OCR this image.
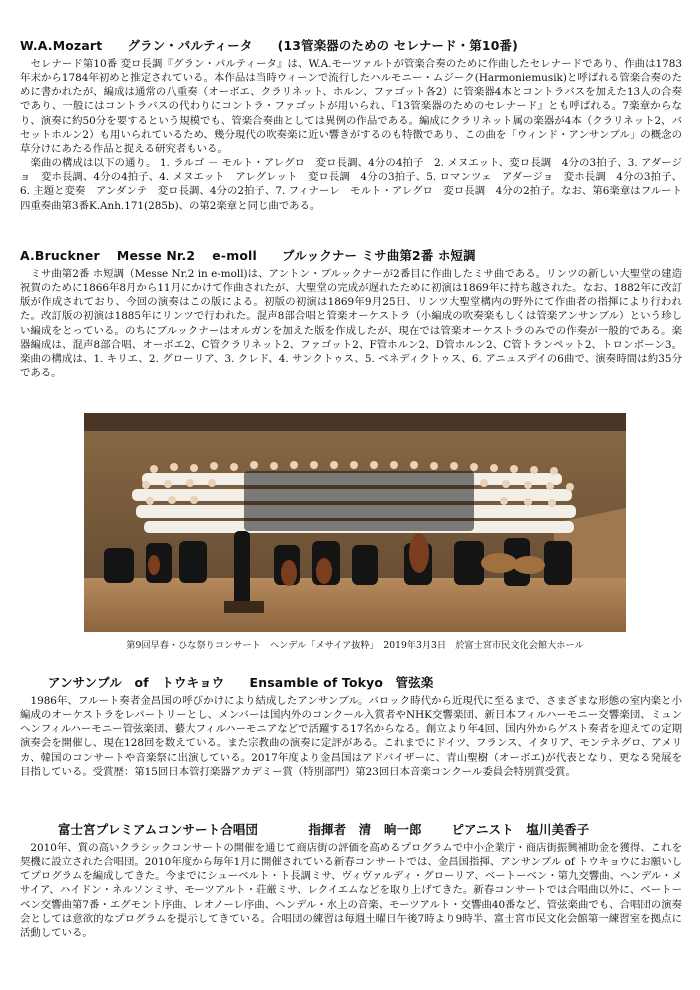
W.A.Mozart　　グラン・パルティータ　　(13管楽器のための セレナード・第10番)

　セレナード第10番 変ロ長調『グラン・パルティータ』は、W.A.モーツァルトが管楽合奏のために作曲したセレナードであり、作曲は1783年末から1784年初めと推定されている。本作品は当時ウィーンで流行したハルモニー・ムジーク(Harmoniemusik)と呼ばれる管楽合奏のために書かれたが、編成は通常の八重奏（オーボエ、クラリネット、ホルン、ファゴット各2）に管楽器4本とコントラバスを加えた13人の合奏であり、一般にはコントラバスの代わりにコントラ・ファゴットが用いられ、『13管楽器のためのセレナード』とも呼ばれる。7楽章からなり、演奏に約50分を要するという規模でも、管楽合奏曲としては異例の作品である。編成にクラリネット属の楽器が4本（クラリネット2、バセットホルン2）も用いられているため、幾分現代の吹奏楽に近い響きがするのも特徴であり、この曲を「ウィンド・アンサンブル」の概念の草分けにあたる作品と捉える研究者もいる。

　楽曲の構成は以下の通り。 1. ラルゴ － モルト・アレグロ　変ロ長調、4分の4拍子　2. メヌエット、変ロ長調　4分の3拍子、3. アダージョ　変ホ長調、4分の4拍子、4. メヌエット　アレグレット　変ロ長調　4分の3拍子、5. ロマンツェ　アダージョ　変ホ長調　4分の3拍子、6. 主題と変奏　アンダンテ　変ロ長調、4分の2拍子、7. フィナーレ　モルト・アレグロ　変ロ長調　4分の2拍子。なお、第6楽章はフルート四重奏曲第3番K.Anh.171(285b)、の第2楽章と同じ曲である。

A.Bruckner　 Messe Nr.2　 e-moll　　ブルックナー ミサ曲第2番 ホ短調

　ミサ曲第2番 ホ短調（Messe Nr.2 in e-moll)は、アントン・ブルックナーが2番目に作曲したミサ曲である。リンツの新しい大聖堂の建造祝賀のために1866年8月から11月にかけて作曲されたが、大聖堂の完成が遅れたために初演は1869年に持ち越された。なお、1882年に改訂版が作成されており、今回の演奏はこの版による。初版の初演は1869年9月25日、リンツ大聖堂構内の野外にて作曲者の指揮により行われた。改訂版の初演は1885年にリンツで行われた。混声8部合唱と管楽オーケストラ（小編成の吹奏楽もしくは管楽アンサンブル）という珍しい編成をとっている。のちにブルックナーはオルガンを加えた版を作成したが、現在では管楽オーケストラのみでの作奏が一般的である。楽器編成は、混声8部合唱、オーボエ2、C管クラリネット2、ファゴット2、F管ホルン2、D管ホルン2、C管トランペット2、トロンボーン3。楽曲の構成は、1. キリエ、2. グローリア、3. クレド、4. サンクトゥス、5. ベネディクトゥス、6. アニュスデイの6曲で、演奏時間は約35分である。

第9回早春・ひな祭りコンサート　ヘンデル「メサイア抜粋」　2019年3月3日　於富士宮市民文化会館大ホール
アンサンブル　of　トウキョウ　　Ensamble of Tokyo　管弦楽

　1986年、フルート奏者金昌国の呼びかけにより結成したアンサンブル。バロック時代から近現代に至るまで、さまざまな形態の室内楽と小編成のオーケストラをレパートリーとし、メンバーは国内外のコンクール入賞者やNHK交響楽団、新日本フィルハーモニー交響楽団、ミュンヘンフィルハーモニー管弦楽団、藝大フィルハーモニアなどで活躍する17名からなる。創立より年4回、国内外からゲスト奏者を迎えての定期演奏会を開催し、現在128回を数えている。また宗教曲の演奏に定評がある。これまでにドイツ、フランス、イタリア、モンテネグロ、アメリカ、韓国のコンサートや音楽祭に出演している。2017年度より金昌国はアドバイザーに、青山聖樹（オーボエ)が代表となり、更なる発展を目指している。受賞歴：第15回日本管打楽器アカデミー賞（特別部門）第23回日本音楽コンクール委員会特別賞受賞。

富士宮プレミアムコンサート合唱団　　　　指揮者　清　晌一郎　　 ピアニスト　塩川美香子

　2010年、質の高いクラシックコンサートの開催を通じて商店街の評価を高めるプログラムで中小企業庁・商店街振興補助金を獲得、これを契機に設立された合唱団。2010年度から毎年1月に開催されている新春コンサートでは、金昌国指揮、アンサンブル of トウキョウにお願いしてプログラムを編成してきた。今までにシューベルト・ト長調ミサ、ヴィヴァルディ・グローリア、ベートーベン・第九交響曲、ヘンデル・メサイア、ハイドン・ネルソンミサ、モーツアルト・荘厳ミサ、レクイエムなどを取り上げてきた。新春コンサートでは合唱曲以外に、ベートーベン交響曲第7番・エグモント序曲、レオノーレ序曲、ヘンデル・水上の音楽、モーツアルト・交響曲40番など、管弦楽曲でも、合唱団の演奏会としては意欲的なプログラムを提示してきている。合唱団の練習は毎週土曜日午後7時より9時半、富士宮市民文化会館第一練習室を拠点に活動している。
